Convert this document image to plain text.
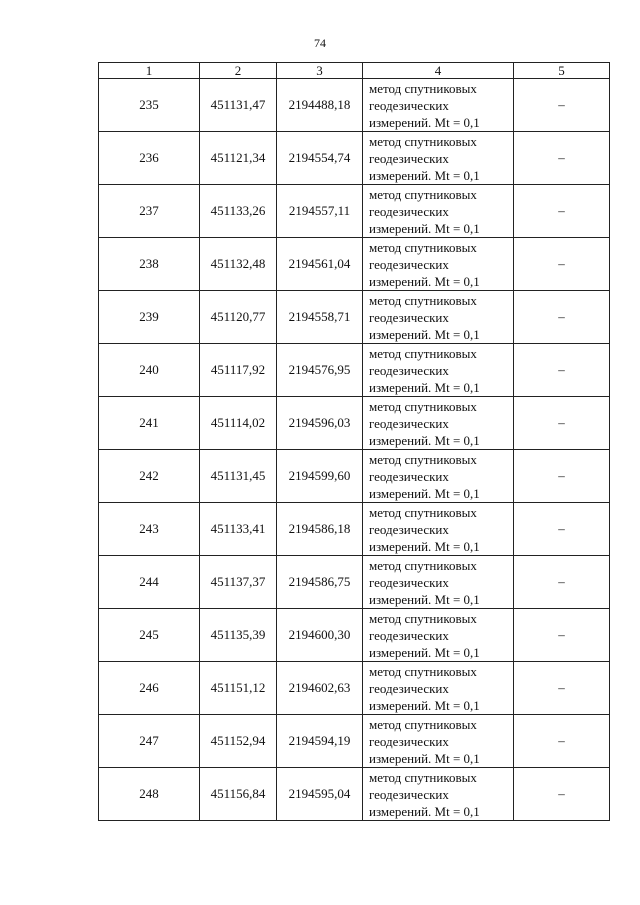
74
1	2	3	4	5
235	451131,47	2194488,18	метод спутниковых
геодезических
измерений. Mt = 0,1	–
236	451121,34	2194554,74	метод спутниковых
геодезических
измерений. Mt = 0,1	–
237	451133,26	2194557,11	метод спутниковых
геодезических
измерений. Mt = 0,1	–
238	451132,48	2194561,04	метод спутниковых
геодезических
измерений. Mt = 0,1	–
239	451120,77	2194558,71	метод спутниковых
геодезических
измерений. Mt = 0,1	–
240	451117,92	2194576,95	метод спутниковых
геодезических
измерений. Mt = 0,1	–
241	451114,02	2194596,03	метод спутниковых
геодезических
измерений. Mt = 0,1	–
242	451131,45	2194599,60	метод спутниковых
геодезических
измерений. Mt = 0,1	–
243	451133,41	2194586,18	метод спутниковых
геодезических
измерений. Mt = 0,1	–
244	451137,37	2194586,75	метод спутниковых
геодезических
измерений. Mt = 0,1	–
245	451135,39	2194600,30	метод спутниковых
геодезических
измерений. Mt = 0,1	–
246	451151,12	2194602,63	метод спутниковых
геодезических
измерений. Mt = 0,1	–
247	451152,94	2194594,19	метод спутниковых
геодезических
измерений. Mt = 0,1	–
248	451156,84	2194595,04	метод спутниковых
геодезических
измерений. Mt = 0,1	–
